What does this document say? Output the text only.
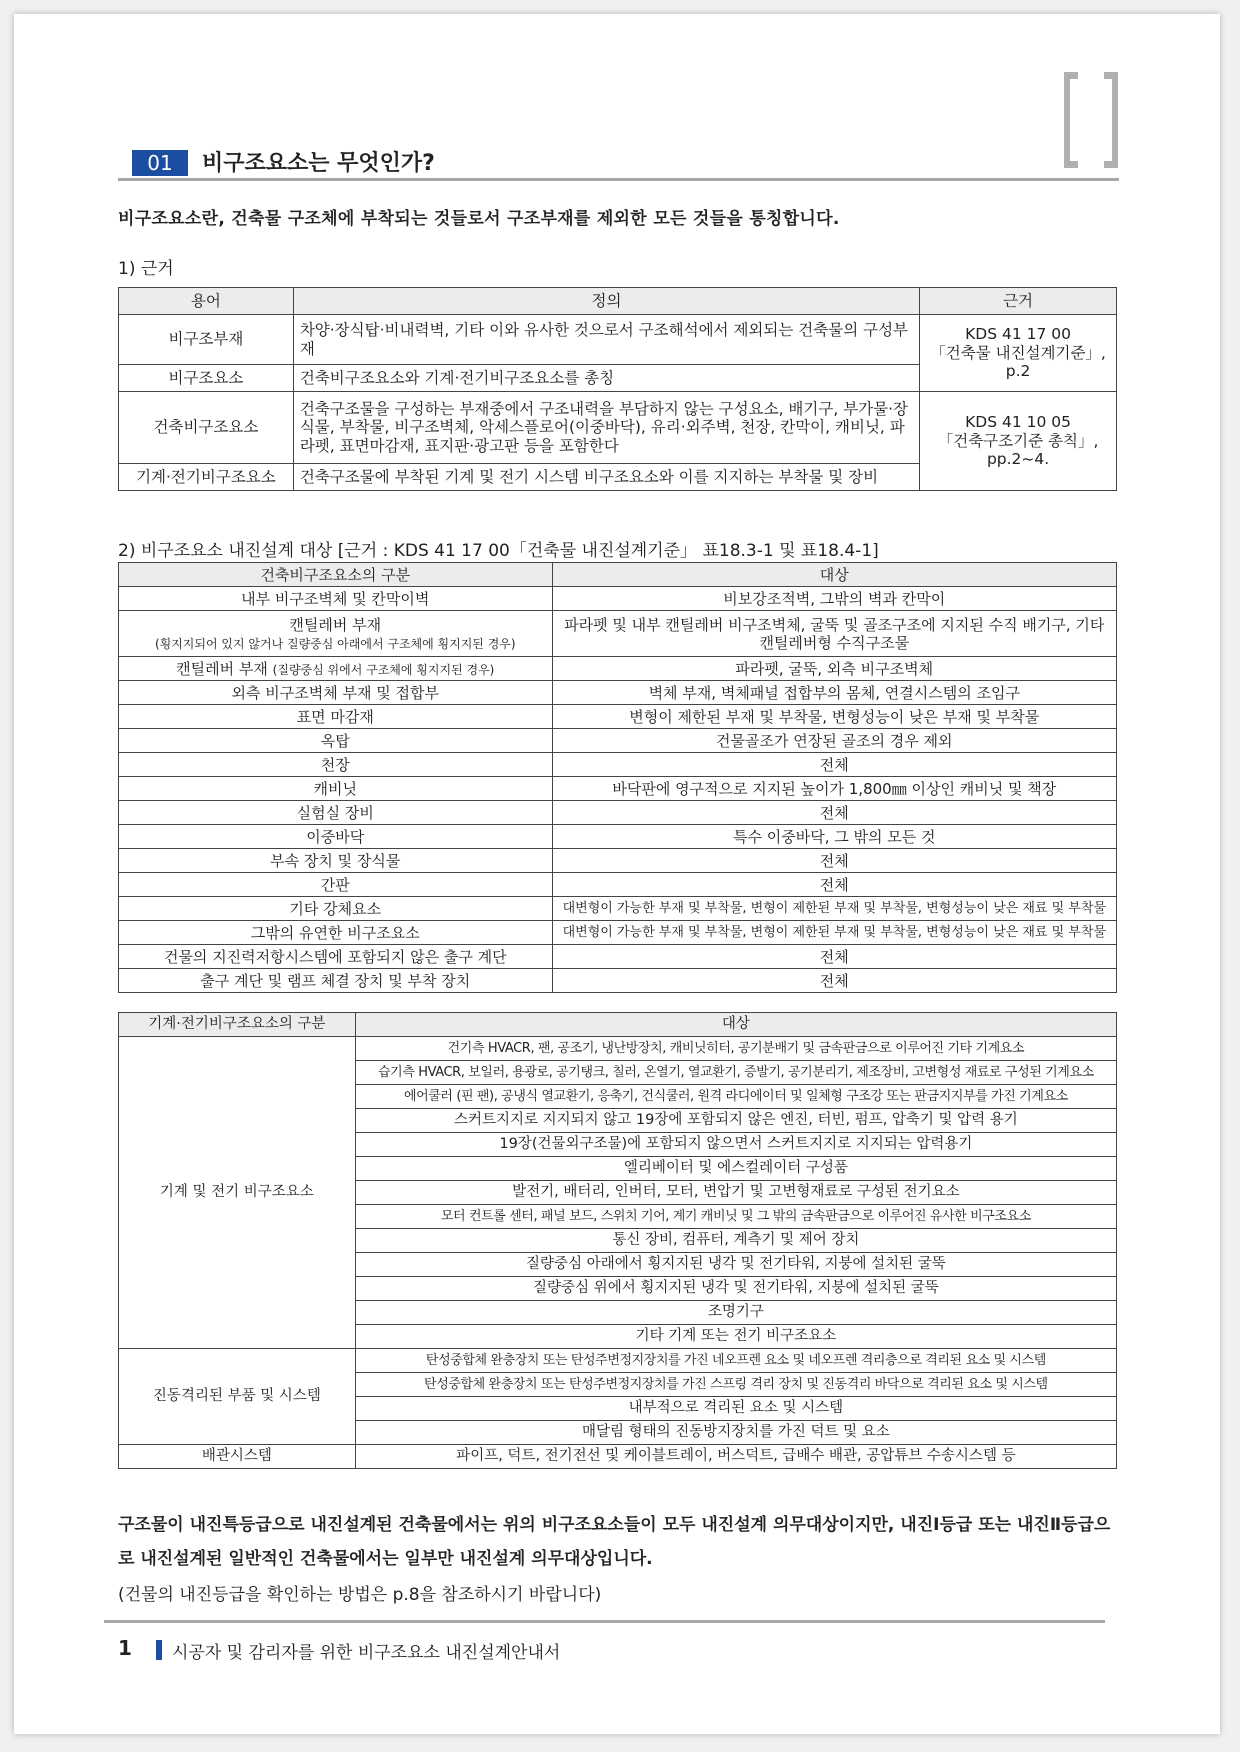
01	비구조요소는 무엇인가?
비구조요소란, 건축물 구조체에 부착되는 것들로서 구조부재를 제외한 모든 것들을 통칭합니다.
1) 근거
용어	정의	근거
비구조부재	차양·장식탑·비내력벽, 기타 이와 유사한 것으로서 구조해석에서 제외되는 건축물의 구성부재	KDS 41 17 00
「건축물 내진설계기준」,
p.2

비구조요소	건축비구조요소와 기계·전기비구조요소를 총칭	
건축비구조요소	건축구조물을 구성하는 부재중에서 구조내력을 부담하지 않는 구성요소, 배기구, 부가물·장식물, 부착물, 비구조벽체, 악세스플로어(이중바닥), 유리·외주벽, 천장, 칸막이, 캐비닛, 파라펫, 표면마감재, 표지판·광고판 등을 포함한다	KDS 41 10 05
「건축구조기준 총칙」,
pp.2~4.

기계·전기비구조요소	건축구조물에 부착된 기계 및 전기 시스템 비구조요소와 이를 지지하는 부착물 및 장비	
2) 비구조요소 내진설계 대상 [근거 : KDS 41 17 00「건축물 내진설계기준」 표18.3-1 및 표18.4-1]
건축비구조요소의 구분	대상
내부 비구조벽체 및 칸막이벽	비보강조적벽, 그밖의 벽과 칸막이

캔틸레버 부재
(횡지지되어 있지 않거나 질량중심 아래에서 구조체에 횡지지된 경우)	파라펫 및 내부 캔틸레버 비구조벽체, 굴뚝 및 골조구조에 지지된 수직 배기구, 기타 캔틸레버형 수직구조물
캔틸레버 부재 (질량중심 위에서 구조체에 횡지지된 경우)	파라펫, 굴뚝, 외측 비구조벽체
외측 비구조벽체 부재 및 접합부	벽체 부재, 벽체패널 접합부의 몸체, 연결시스템의 조임구
표면 마감재	변형이 제한된 부재 및 부착물, 변형성능이 낮은 부재 및 부착물
옥탑	건물골조가 연장된 골조의 경우 제외
천장	전체
캐비닛	바닥판에 영구적으로 지지된 높이가 1,800㎜ 이상인 캐비닛 및 책장
실험실 장비	전체
이중바닥	특수 이중바닥, 그 밖의 모든 것
부속 장치 및 장식물	전체
간판	전체
기타 강체요소	대변형이 가능한 부재 및 부착물, 변형이 제한된 부재 및 부착물, 변형성능이 낮은 재료 및 부착물
그밖의 유연한 비구조요소	대변형이 가능한 부재 및 부착물, 변형이 제한된 부재 및 부착물, 변형성능이 낮은 재료 및 부착물
건물의 지진력저항시스템에 포함되지 않은 출구 계단	전체
출구 계단 및 램프 체결 장치 및 부착 장치	전체
기계·전기비구조요소의 구분	대상
기계 및 전기 비구조요소	건기측 HVACR, 팬, 공조기, 냉난방장치, 캐비닛히터, 공기분배기 및 금속판금으로 이루어진 기타 기계요소
	습기측 HVACR, 보일러, 용광로, 공기탱크, 칠러, 온열기, 열교환기, 증발기, 공기분리기, 제조장비, 고변형성 재료로 구성된 기계요소
	에어쿨러 (핀 팬), 공냉식 열교환기, 응축기, 건식쿨러, 원격 라디에이터 및 일체형 구조강 또는 판금지지부를 가진 기계요소
	스커트지지로 지지되지 않고 19장에 포함되지 않은 엔진, 터빈, 펌프, 압축기 및 압력 용기
	19장(건물외구조물)에 포함되지 않으면서 스커트지지로 지지되는 압력용기
	엘리베이터 및 에스컬레이터 구성품
	발전기, 배터리, 인버터, 모터, 변압기 및 고변형재료로 구성된 전기요소
	모터 컨트롤 센터, 패널 보드, 스위치 기어, 계기 캐비닛 및 그 밖의 금속판금으로 이루어진 유사한 비구조요소
	통신 장비, 컴퓨터, 계측기 및 제어 장치
	질량중심 아래에서 횡지지된 냉각 및 전기타워, 지붕에 설치된 굴뚝
	질량중심 위에서 횡지지된 냉각 및 전기타워, 지붕에 설치된 굴뚝
	조명기구
	기타 기계 또는 전기 비구조요소
진동격리된 부품 및 시스템	탄성중합체 완충장치 또는 탄성주변정지장치를 가진 네오프렌 요소 및 네오프렌 격리층으로 격리된 요소 및 시스템
	탄성중합체 완충장치 또는 탄성주변정지장치를 가진 스프링 격리 장치 및 진동격리 바닥으로 격리된 요소 및 시스템
	내부적으로 격리된 요소 및 시스템
	매달림 형태의 진동방지장치를 가진 덕트 및 요소
배관시스템	파이프, 덕트, 전기전선 및 케이블트레이, 버스덕트, 급배수 배관, 공압튜브 수송시스템 등
구조물이 내진특등급으로 내진설계된 건축물에서는 위의 비구조요소들이 모두 내진설계 의무대상이지만, 내진Ⅰ등급 또는 내진Ⅱ등급으로 내진설계된 일반적인 건축물에서는 일부만 내진설계 의무대상입니다.
(건물의 내진등급을 확인하는 방법은 p.8을 참조하시기 바랍니다)
1 시공자 및 감리자를 위한 비구조요소 내진설계안내서
